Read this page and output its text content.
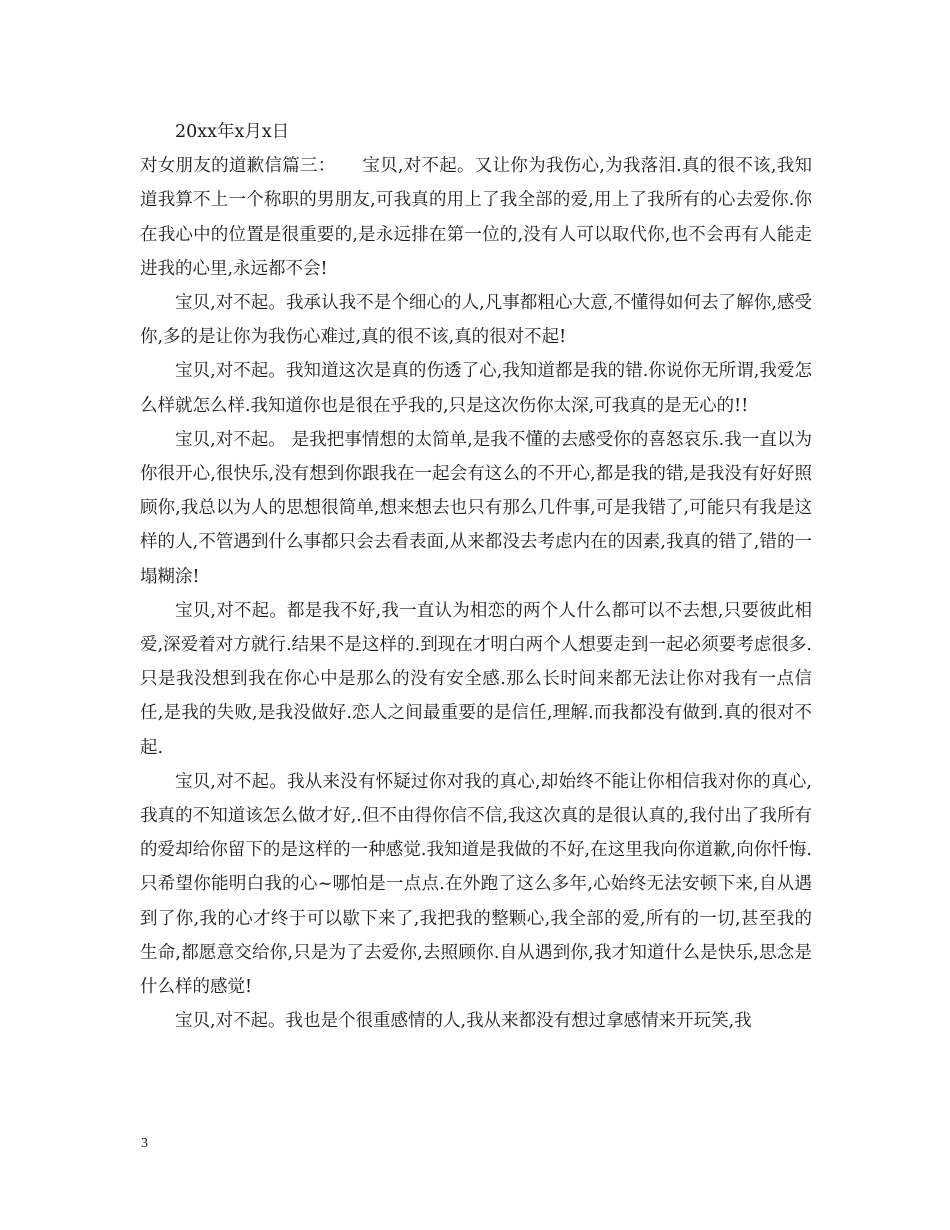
20xx年x月x日

对女朋友的道歉信篇三：　　宝贝,对不起。又让你为我伤心,为我落泪.真的很不该,我知道我算不上一个称职的男朋友,可我真的用上了我全部的爱,用上了我所有的心去爱你.你在我心中的位置是很重要的,是永远排在第一位的,没有人可以取代你,也不会再有人能走进我的心里,永远都不会!

宝贝,对不起。我承认我不是个细心的人,凡事都粗心大意,不懂得如何去了解你,感受你,多的是让你为我伤心难过,真的很不该,真的很对不起!

宝贝,对不起。我知道这次是真的伤透了心,我知道都是我的错.你说你无所谓,我爱怎么样就怎么样.我知道你也是很在乎我的,只是这次伤你太深,可我真的是无心的!!

宝贝,对不起。 是我把事情想的太简单,是我不懂的去感受你的喜怒哀乐.我一直以为你很开心,很快乐,没有想到你跟我在一起会有这么的不开心,都是我的错,是我没有好好照顾你,我总以为人的思想很简单,想来想去也只有那么几件事,可是我错了,可能只有我是这样的人,不管遇到什么事都只会去看表面,从来都没去考虑内在的因素,我真的错了,错的一塌糊涂!

宝贝,对不起。都是我不好,我一直认为相恋的两个人什么都可以不去想,只要彼此相爱,深爱着对方就行.结果不是这样的.到现在才明白两个人想要走到一起必须要考虑很多.只是我没想到我在你心中是那么的没有安全感.那么长时间来都无法让你对我有一点信任,是我的失败,是我没做好.恋人之间最重要的是信任,理解.而我都没有做到.真的很对不起.

宝贝,对不起。我从来没有怀疑过你对我的真心,却始终不能让你相信我对你的真心,我真的不知道该怎么做才好,.但不由得你信不信,我这次真的是很认真的,我付出了我所有的爱却给你留下的是这样的一种感觉.我知道是我做的不好,在这里我向你道歉,向你忏悔.只希望你能明白我的心~哪怕是一点点.在外跑了这么多年,心始终无法安顿下来,自从遇到了你,我的心才终于可以歇下来了,我把我的整颗心,我全部的爱,所有的一切,甚至我的生命,都愿意交给你,只是为了去爱你,去照顾你.自从遇到你,我才知道什么是快乐,思念是什么样的感觉!

宝贝,对不起。我也是个很重感情的人,我从来都没有想过拿感情来开玩笑,我

3
